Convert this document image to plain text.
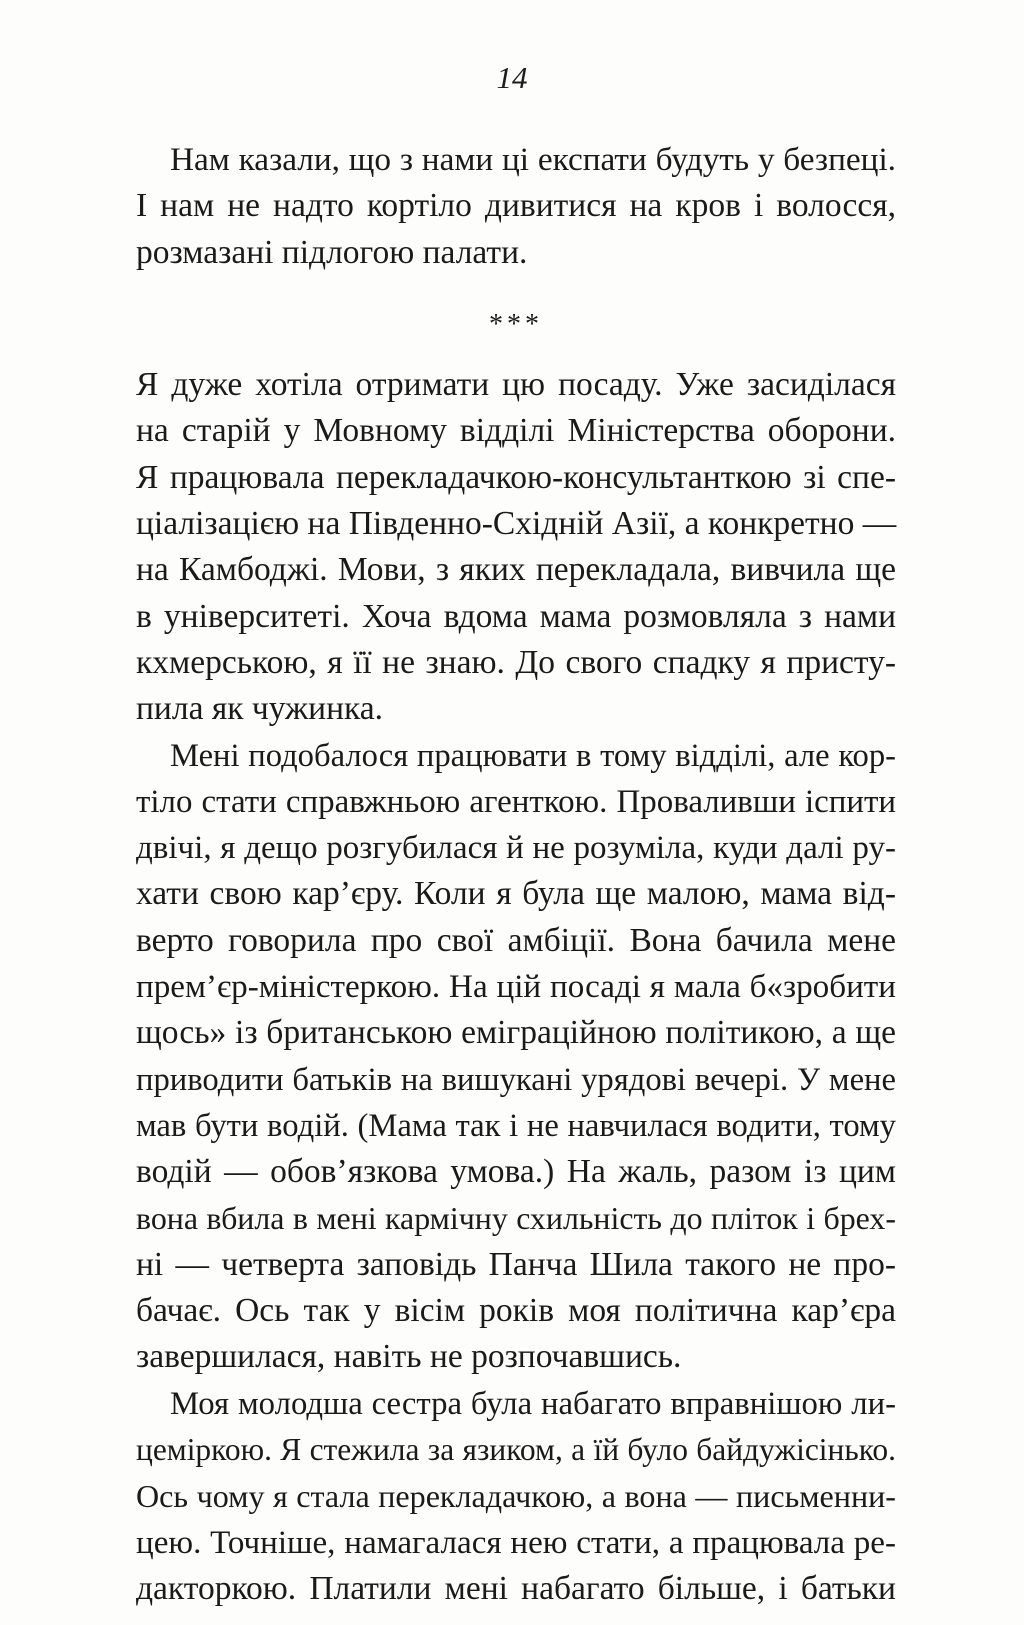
14
Нам казали, що з нами ці експати будуть у безпеці.
І нам не надто кортіло дивитися на кров і волосся,
розмазані підлогою палати.
***
Я дуже хотіла отримати цю посаду. Уже засиділася
на старій у Мовному відділі Міністерства оборони.
Я працювала перекладачкою-консультанткою зі спе-
ціалізацією на Південно-Східній Азії, а конкретно —
на Камбоджі. Мови, з яких перекладала, вивчила ще
в університеті. Хоча вдома мама розмовляла з нами
кхмерською, я її не знаю. До свого спадку я присту-
пила як чужинка.
Мені подобалося працювати в тому відділі, але кор-
тіло стати справжньою агенткою. Проваливши іспити
двічі, я дещо розгубилася й не розуміла, куди далі ру-
хати свою кар’єру. Коли я була ще малою, мама від-
верто говорила про свої амбіції. Вона бачила мене
прем’єр-міністеркою. На цій посаді я мала б«зробити
щось» із британською еміграційною політикою, а ще
приводити батьків на вишукані урядові вечері. У мене
мав бути водій. (Мама так і не навчилася водити, тому
водій — обов’язкова умова.) На жаль, разом із цим
вона вбила в мені кармічну схильність до пліток і брех-
ні — четверта заповідь Панча Шила такого не про-
бачає. Ось так у вісім років моя політична кар’єра
завершилася, навіть не розпочавшись.
Моя молодша сестра була набагато вправнішою ли-
цеміркою. Я стежила за язиком, а їй було байдужісінько.
Ось чому я стала перекладачкою, а вона — письменни-
цею. Точніше, намагалася нею стати, а працювала ре-
дакторкою. Платили мені набагато більше, і батьки
